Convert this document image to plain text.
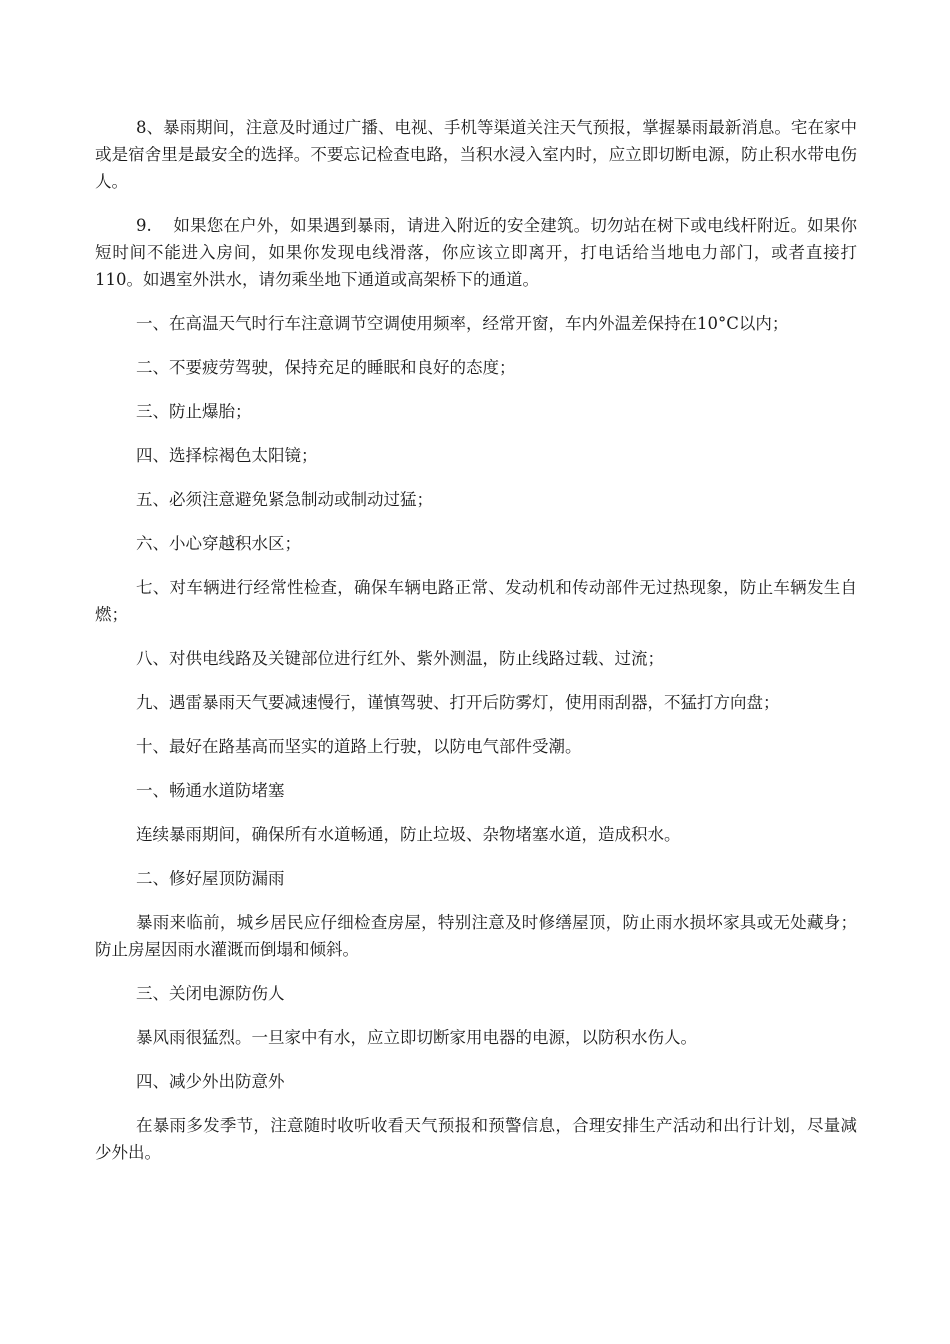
8、暴雨期间，注意及时通过广播、电视、手机等渠道关注天气预报，掌握暴雨最新消息。宅在家中或是宿舍里是最安全的选择。不要忘记检查电路，当积水浸入室内时，应立即切断电源，防止积水带电伤人。

9.    如果您在户外，如果遇到暴雨，请进入附近的安全建筑。切勿站在树下或电线杆附近。如果你短时间不能进入房间，如果你发现电线滑落，你应该立即离开，打电话给当地电力部门，或者直接打110。如遇室外洪水，请勿乘坐地下通道或高架桥下的通道。

一、在高温天气时行车注意调节空调使用频率，经常开窗，车内外温差保持在10°C以内；

二、不要疲劳驾驶，保持充足的睡眠和良好的态度；

三、防止爆胎；

四、选择棕褐色太阳镜；

五、必须注意避免紧急制动或制动过猛；

六、小心穿越积水区；

七、对车辆进行经常性检查，确保车辆电路正常、发动机和传动部件无过热现象，防止车辆发生自燃；

八、对供电线路及关键部位进行红外、紫外测温，防止线路过载、过流；

九、遇雷暴雨天气要减速慢行，谨慎驾驶、打开后防雾灯，使用雨刮器，不猛打方向盘；

十、最好在路基高而坚实的道路上行驶，以防电气部件受潮。

一、畅通水道防堵塞

连续暴雨期间，确保所有水道畅通，防止垃圾、杂物堵塞水道，造成积水。

二、修好屋顶防漏雨

暴雨来临前，城乡居民应仔细检查房屋，特别注意及时修缮屋顶，防止雨水损坏家具或无处藏身；防止房屋因雨水灌溉而倒塌和倾斜。

三、关闭电源防伤人

暴风雨很猛烈。一旦家中有水，应立即切断家用电器的电源，以防积水伤人。

四、减少外出防意外

在暴雨多发季节，注意随时收听收看天气预报和预警信息，合理安排生产活动和出行计划，尽量减少外出。
